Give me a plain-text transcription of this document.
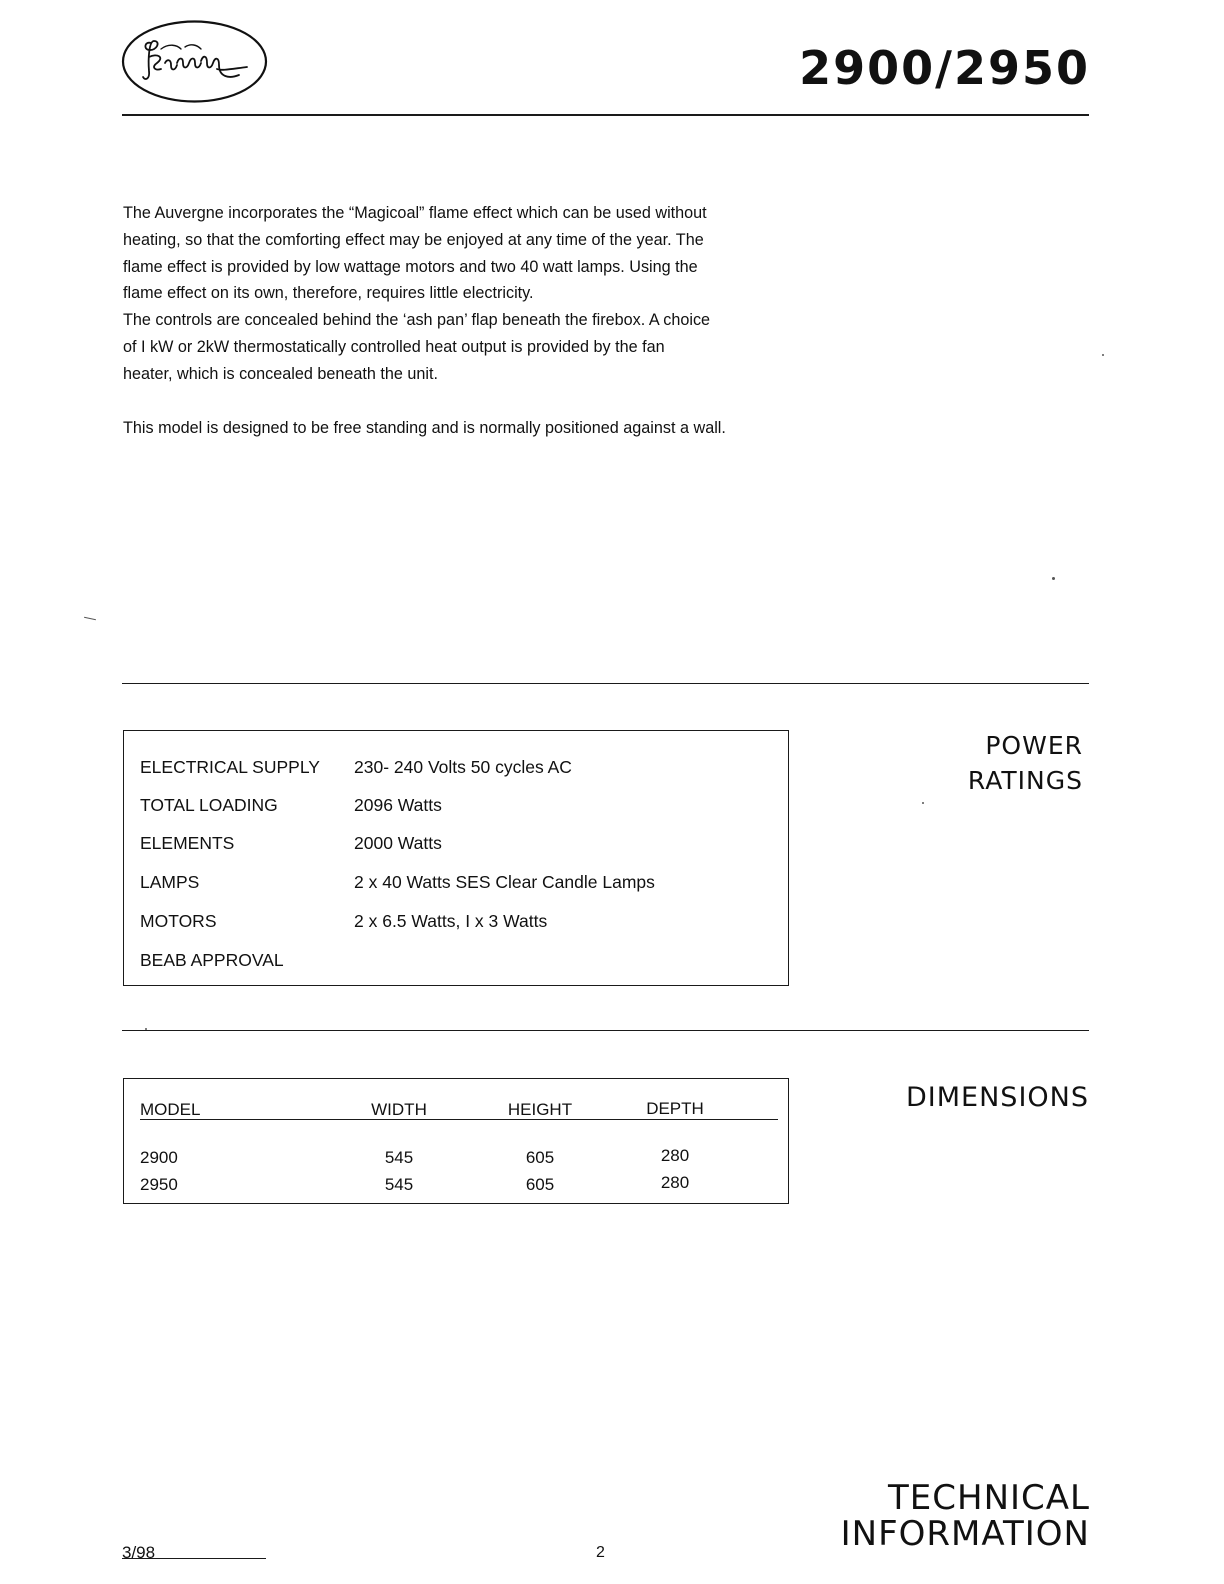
2900/2950

The Auvergne incorporates the “Magicoal” flame effect which can be used without
heating, so that the comforting effect may be enjoyed at any time of the year. The
flame effect is provided by low wattage motors and two 40 watt lamps. Using the
flame effect on its own, therefore, requires little electricity.
The controls are concealed behind the ‘ash pan’ flap beneath the firebox. A choice
of I kW or 2kW thermostatically controlled heat output is provided by the fan
heater, which is concealed beneath the unit.

This model is designed to be free standing and is normally positioned against a wall.

ELECTRICAL SUPPLY 230- 240 Volts 50 cycles AC
TOTAL LOADING	2096 Watts
ELEMENTS	2000 Watts
LAMPS	2 x 40 Watts SES Clear Candle Lamps
MOTORS	2 x 6.5 Watts, I x 3 Watts
BEAB APPROVAL
POWER
RATINGS
MODEL	WIDTH	HEIGHT	DEPTH
2900	545	605	280
2950	545	605	280
DIMENSIONS
TECHNICAL
INFORMATION
3/98	2
